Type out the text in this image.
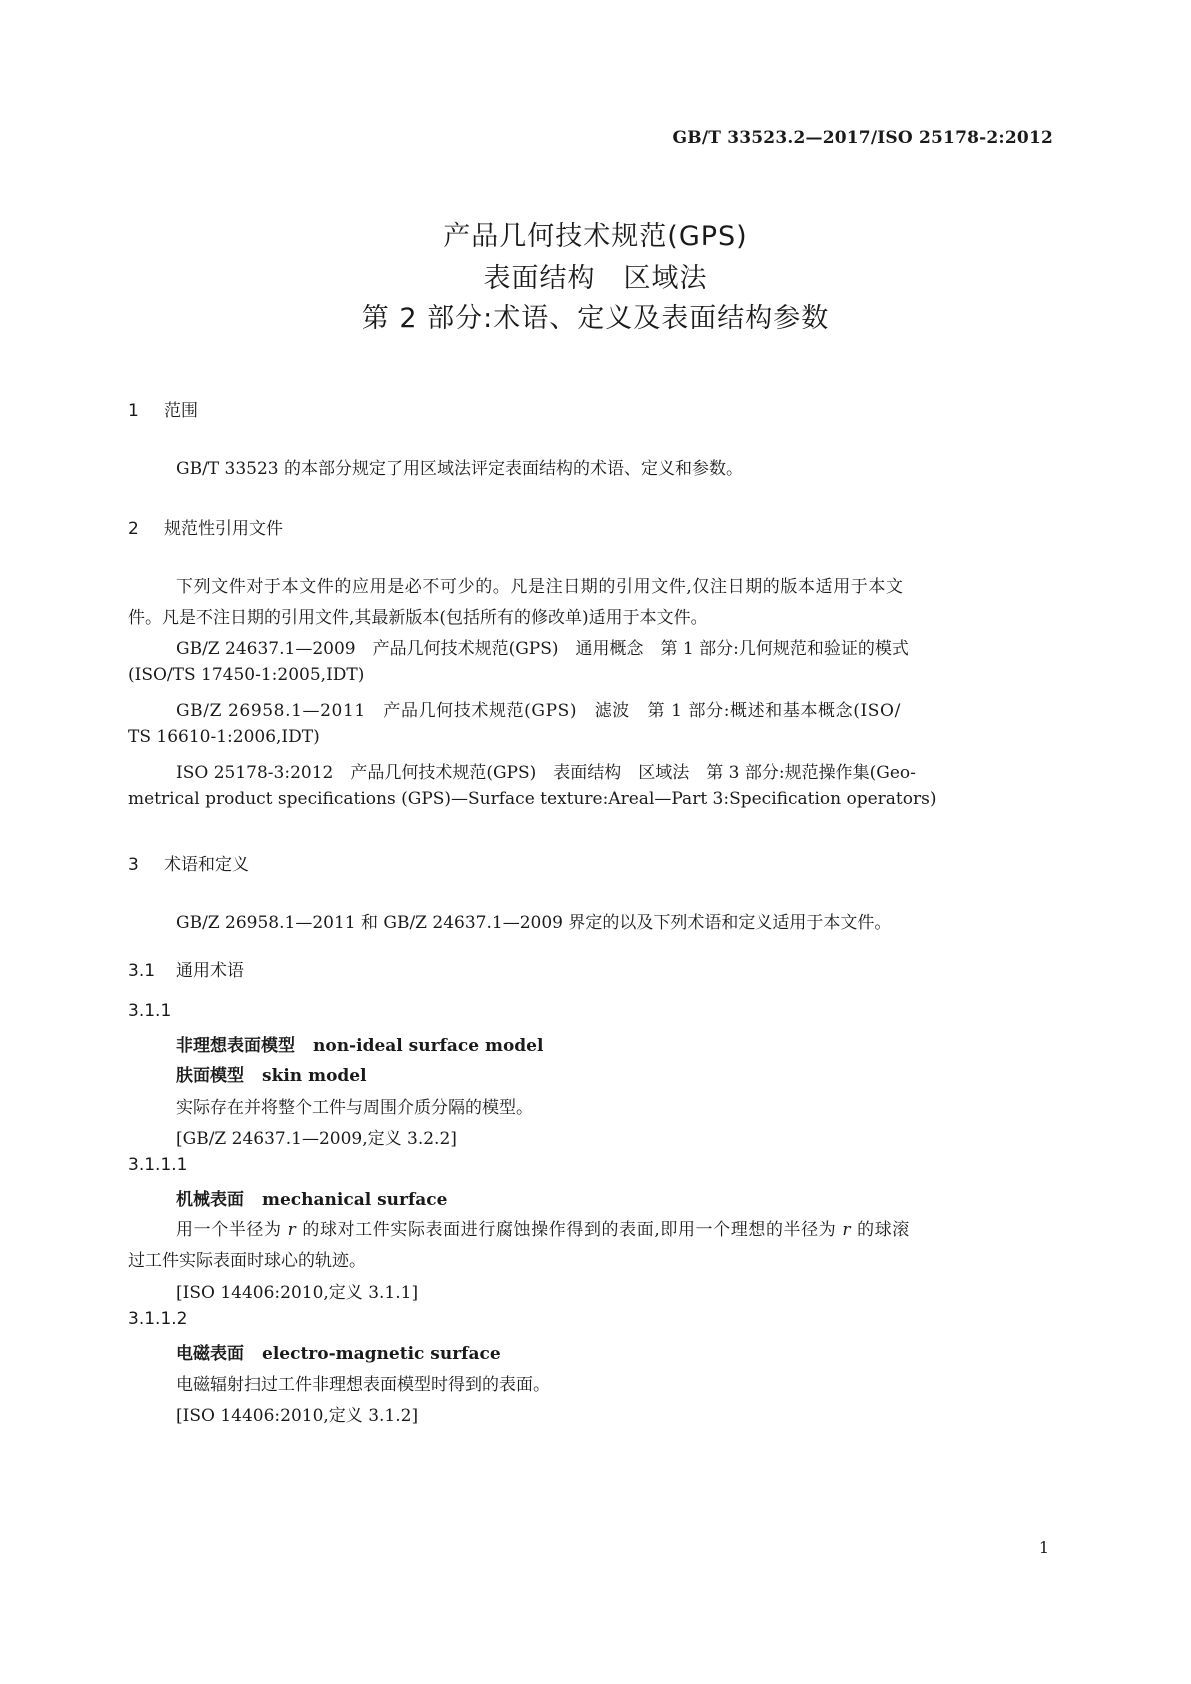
GB/T 33523.2—2017/ISO 25178-2:2012
产品几何技术规范(GPS)
表面结构　区域法
第 2 部分:术语、定义及表面结构参数
1 范围
GB/T 33523 的本部分规定了用区域法评定表面结构的术语、定义和参数。
2 规范性引用文件
下列文件对于本文件的应用是必不可少的。凡是注日期的引用文件,仅注日期的版本适用于本文
件。凡是不注日期的引用文件,其最新版本(包括所有的修改单)适用于本文件。
GB/Z 24637.1—2009　产品几何技术规范(GPS)　通用概念　第 1 部分:几何规范和验证的模式
(ISO/TS 17450-1:2005,IDT)
GB/Z 26958.1—2011　产品几何技术规范(GPS)　滤波　第 1 部分:概述和基本概念(ISO/
TS 16610-1:2006,IDT)
ISO 25178-3:2012　产品几何技术规范(GPS)　表面结构　区域法　第 3 部分:规范操作集(Geo-
metrical product specifications (GPS)—Surface texture:Areal—Part 3:Specification operators)
3 术语和定义
GB/Z 26958.1—2011 和 GB/Z 24637.1—2009 界定的以及下列术语和定义适用于本文件。
3.1 通用术语
3.1.1
非理想表面模型 non-ideal surface model
肤面模型 skin model
实际存在并将整个工件与周围介质分隔的模型。
[GB/Z 24637.1—2009,定义 3.2.2]
3.1.1.1
机械表面 mechanical surface
用一个半径为 r 的球对工件实际表面进行腐蚀操作得到的表面,即用一个理想的半径为 r 的球滚
过工件实际表面时球心的轨迹。
[ISO 14406:2010,定义 3.1.1]
3.1.1.2
电磁表面 electro-magnetic surface
电磁辐射扫过工件非理想表面模型时得到的表面。
[ISO 14406:2010,定义 3.1.2]
1
